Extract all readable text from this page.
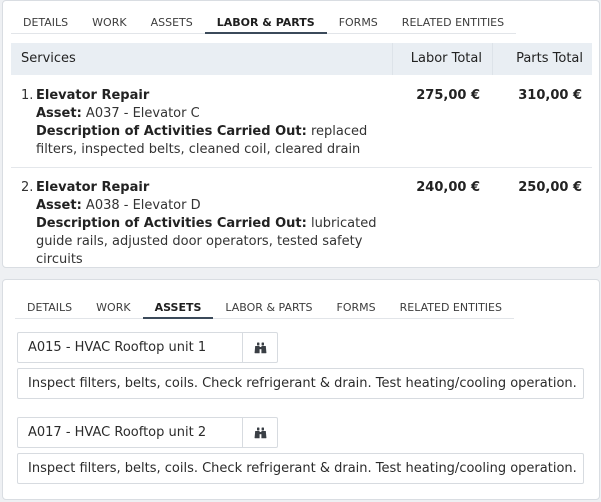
DETAILS	WORK	ASSETS	LABOR & PARTS	FORMS	RELATED ENTITIES
Services	Labor Total	Parts Total
1. Elevator Repair
Asset: A037 - Elevator C
Description of Activities Carried Out: replaced filters, inspected belts, cleaned coil, cleared drain
275,00 €	310,00 €
2. Elevator Repair
Asset: A038 - Elevator D
Description of Activities Carried Out: lubricated guide rails, adjusted door operators, tested safety circuits
240,00 €	250,00 €
DETAILS	WORK	ASSETS	LABOR & PARTS	FORMS	RELATED ENTITIES
A015 - HVAC Rooftop unit 1
Inspect filters, belts, coils. Check refrigerant & drain. Test heating/cooling operation.
A017 - HVAC Rooftop unit 2
Inspect filters, belts, coils. Check refrigerant & drain. Test heating/cooling operation.
